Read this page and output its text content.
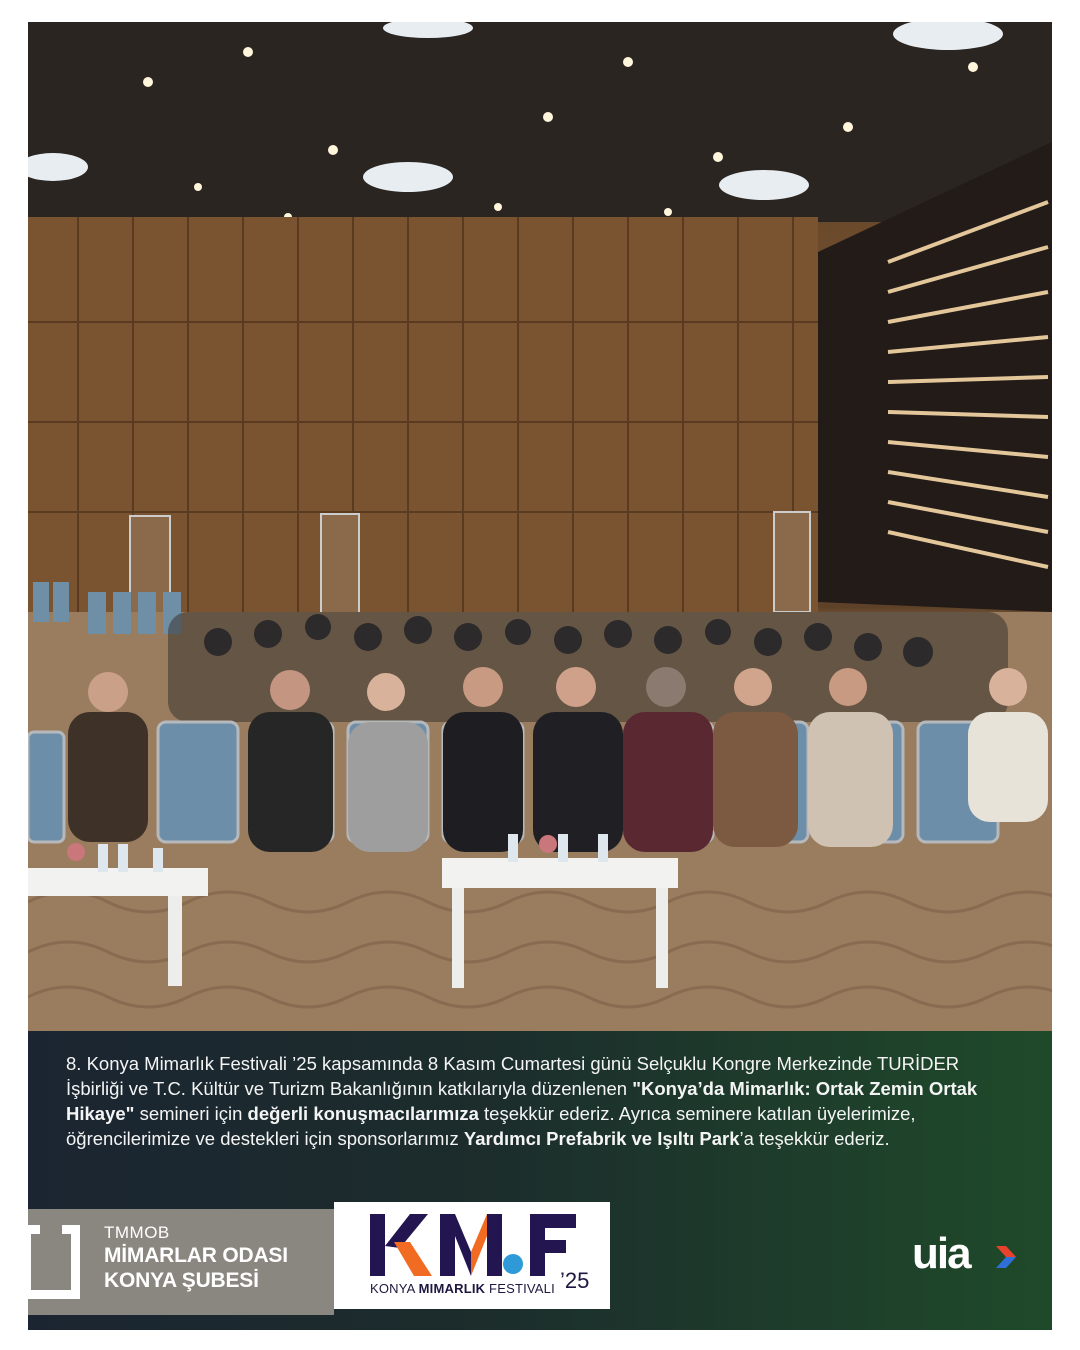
8. Konya Mimarlık Festivali ’25 kapsamında 8 Kasım Cumartesi günü Selçuklu Kongre Merkezinde TURİDER İşbirliği ve T.C. Kültür ve Turizm Bakanlığının katkılarıyla düzenlenen "Konya’da Mimarlık: Ortak Zemin Ortak Hikaye" semineri için değerli konuşmacılarımıza teşekkür ederiz. Ayrıca seminere katılan üyelerimize, öğrencilerimize ve destekleri için sponsorlarımız Yardımcı Prefabrik ve Işıltı Park’a teşekkür ederiz.

TMMOB
MİMARLAR ODASI
KONYA ŞUBESİ	KONYA MIMARLIK FESTIVALI ’25
uia
